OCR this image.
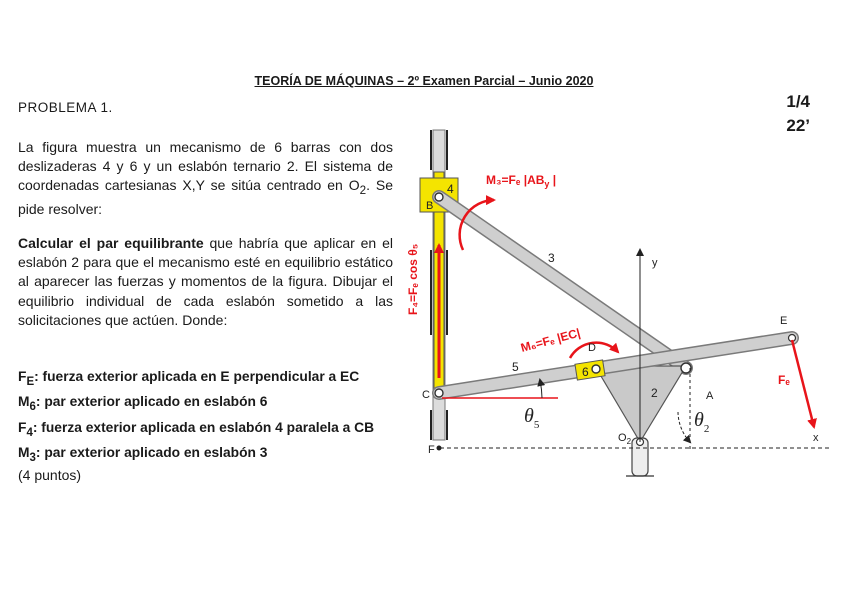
TEORÍA DE MÁQUINAS – 2º Examen Parcial – Junio 2020
1/4
22’
PROBLEMA 1.

La figura muestra un mecanismo de 6 barras con dos deslizaderas 4 y 6 y un eslabón ternario 2. El sistema de coordenadas cartesianas X,Y se sitúa centrado en $O_2$. Se pide resolver:

Calcular el par equilibrante que habría que aplicar en el eslabón 2 para que el mecanismo esté en equilibrio estático al aparecer las fuerzas y momentos de la figura. Dibujar el equilibrio individual de cada eslabón sometido a las solicitaciones que actúen. Donde:

$F_E$: fuerza exterior aplicada en E perpendicular a EC
$M_6$: par exterior aplicado en eslabón 6
$F_4$: fuerza exterior aplicada en eslabón 4 paralela a CB
$M_3$: par exterior aplicado en eslabón 3
(4 puntos)
4
B
3
5	6
2
D
E
C
F
A
$O_2$
y
x
M₃=Fₑ $|AB_y$ |
M₆=Fₑ |EC|
F₄=Fₑ cos θ₅
Fₑ
$\theta_5$	$\theta_2$
